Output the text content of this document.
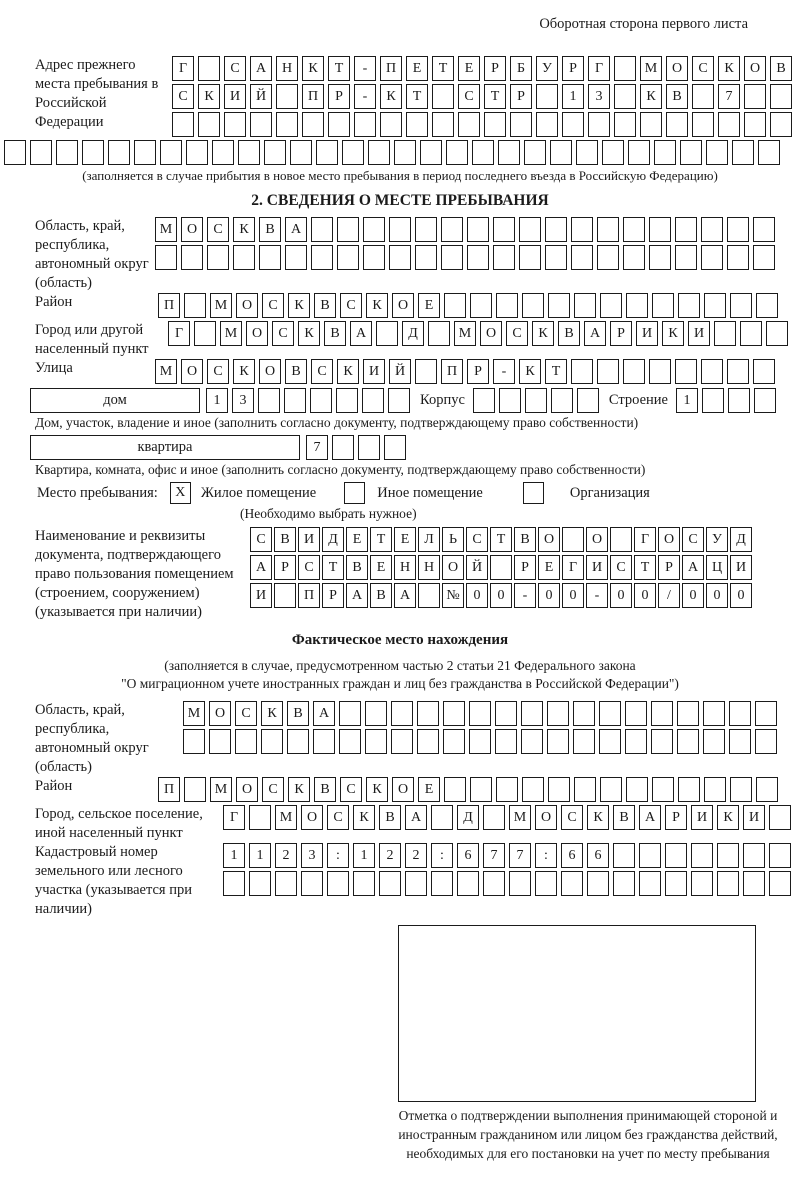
Оборотная сторона первого листа
Адрес прежнего места пребывания в Российской Федерации
Г	С	А	Н	К	Т	-	П	Е	Т	Е	Р	Б	У	Р	Г	М	О	С	К	О	В
С	К	И	Й	П	Р	-	К	Т	С	Т	Р	1	3	К	В	7
(заполняется в случае прибытия в новое место пребывания в период последнего въезда в Российскую Федерацию)
2. СВЕДЕНИЯ О МЕСТЕ ПРЕБЫВАНИЯ
Область, край, республика, автономный округ (область)
М	О	С	К	В	А
Район	П	М	О	С	К	В	С	К	О	Е
Город или другой населенный пункт
Г	М	О	С	К	В	А	Д	М	О	С	К	В	А	Р	И	К	И
Улица	М	О	С	К	О	В	С	К	И	Й	П	Р	-	К	Т
дом	1	3	Корпус	Строение	1
Дом, участок, владение и иное (заполнить согласно документу, подтверждающему право собственности)
квартира	7
Квартира, комната, офис и иное (заполнить согласно документу, подтверждающему право собственности)
Место пребывания:	X	Жилое помещение	Иное помещение	Организация
(Необходимо выбрать нужное)
Наименование и реквизиты документа, подтверждающего право пользования помещением (строением, сооружением) (указывается при наличии)
С	В	И	Д	Е	Т	Е	Л	Ь	С	Т	В	О	О	Г	О	С	У	Д
А	Р	С	Т	В	Е	Н Н О Й	Р	Е	Г	И	С	Т	Р	А Ц И
И	П	Р	А	В	А	№ 0	0	-	0	0	-	0	0	/	0	0	0
Фактическое место нахождения
(заполняется в случае, предусмотренном частью 2 статьи 21 Федерального закона
"О миграционном учете иностранных граждан и лиц без гражданства в Российской Федерации")
Область, край, республика, автономный округ (область)
М	О	С	К	В	А
Район	П	М	О	С	К	В	С	К	О	Е
Город, сельское поселение, иной населенный пункт
Г	М	О	С	К	В	А	Д	М	О	С	К	В	А	Р	И	К	И
Кадастровый номер земельного или лесного участка (указывается при наличии)
1	1	2	3	:	1	2	2	:	6	7	7	:	6	6
Отметка о подтверждении выполнения принимающей стороной и иностранным гражданином или лицом без гражданства действий, необходимых для его постановки на учет по месту пребывания
